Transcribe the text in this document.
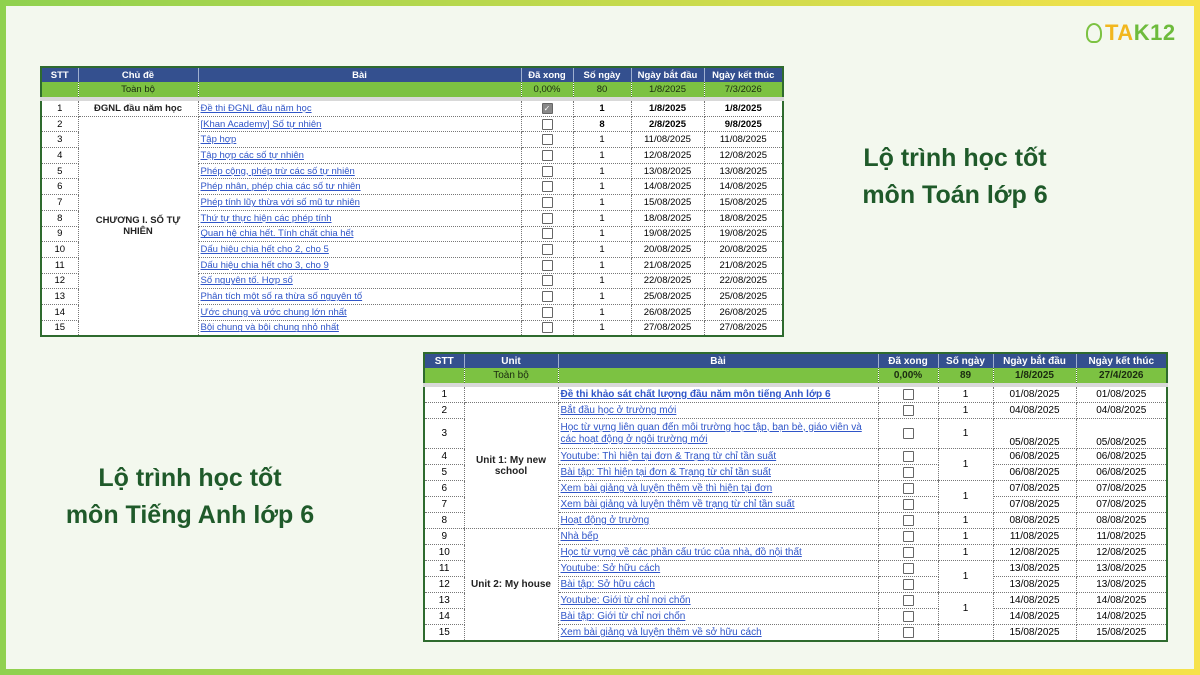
TA K12
Lộ trình học tốt
môn Toán lớp 6
Lộ trình học tốt
môn Tiếng Anh lớp 6
STT	Chủ đề	Bài	Đã xong	Số ngày	Ngày bắt đầu	Ngày kết thúc
	Toàn bộ		0,00%	80	1/8/2025	7/3/2026
1	ĐGNL đầu năm học	Đề thi ĐGNL đầu năm học	✓	1	1/8/2025	1/8/2025
2	CHƯƠNG I. SỐ TỰ NHIÊN	[Khan Academy] Số tự nhiên		8	2/8/2025	9/8/2025
3		Tập hợp		1	11/08/2025	11/08/2025
4		Tập hợp các số tự nhiên		1	12/08/2025	12/08/2025
5		Phép cộng, phép trừ các số tự nhiên		1	13/08/2025	13/08/2025
6		Phép nhân, phép chia các số tự nhiên		1	14/08/2025	14/08/2025
7		Phép tính lũy thừa với số mũ tự nhiên		1	15/08/2025	15/08/2025
8		Thứ tự thực hiện các phép tính		1	18/08/2025	18/08/2025
9		Quan hệ chia hết. Tính chất chia hết		1	19/08/2025	19/08/2025
10		Dấu hiệu chia hết cho 2, cho 5		1	20/08/2025	20/08/2025
11		Dấu hiệu chia hết cho 3, cho 9		1	21/08/2025	21/08/2025
12		Số nguyên tố. Hợp số		1	22/08/2025	22/08/2025
13		Phân tích một số ra thừa số nguyên tố		1	25/08/2025	25/08/2025
14		Ước chung và ước chung lớn nhất		1	26/08/2025	26/08/2025
15		Bội chung và bội chung nhỏ nhất		1	27/08/2025	27/08/2025
STT	Unit	Bài	Đã xong	Số ngày	Ngày bắt đầu	Ngày kết thúc
	Toàn bộ		0,00%	89	1/8/2025	27/4/2026
1		Đề thi khảo sát chất lượng đầu năm môn tiếng Anh lớp 6		1	01/08/2025	01/08/2025
2	Unit 1: My new school	Bắt đầu học ở trường mới		1	04/08/2025	04/08/2025
3		Học từ vựng liên quan đến môi trường học tập, bạn bè, giáo viên và các hoạt động ở ngôi trường mới		1	05/08/2025	05/08/2025
4		Youtube: Thì hiện tại đơn & Trạng từ chỉ tần suất		1	06/08/2025	06/08/2025
5		Bài tập: Thì hiện tại đơn & Trạng từ chỉ tần suất			06/08/2025	06/08/2025
6		Xem bài giảng và luyện thêm về thì hiện tại đơn		1	07/08/2025	07/08/2025
7		Xem bài giảng và luyện thêm về trạng từ chỉ tần suất			07/08/2025	07/08/2025
8		Hoạt động ở trường		1	08/08/2025	08/08/2025
9	Unit 2: My house	Nhà bếp		1	11/08/2025	11/08/2025
10		Học từ vựng về các phần cấu trúc của nhà, đồ nội thất		1	12/08/2025	12/08/2025
11		Youtube: Sở hữu cách		1	13/08/2025	13/08/2025
12		Bài tập: Sở hữu cách			13/08/2025	13/08/2025
13		Youtube: Giới từ chỉ nơi chốn		1	14/08/2025	14/08/2025
14		Bài tập: Giới từ chỉ nơi chốn			14/08/2025	14/08/2025
15		Xem bài giảng và luyện thêm về sở hữu cách			15/08/2025	15/08/2025
